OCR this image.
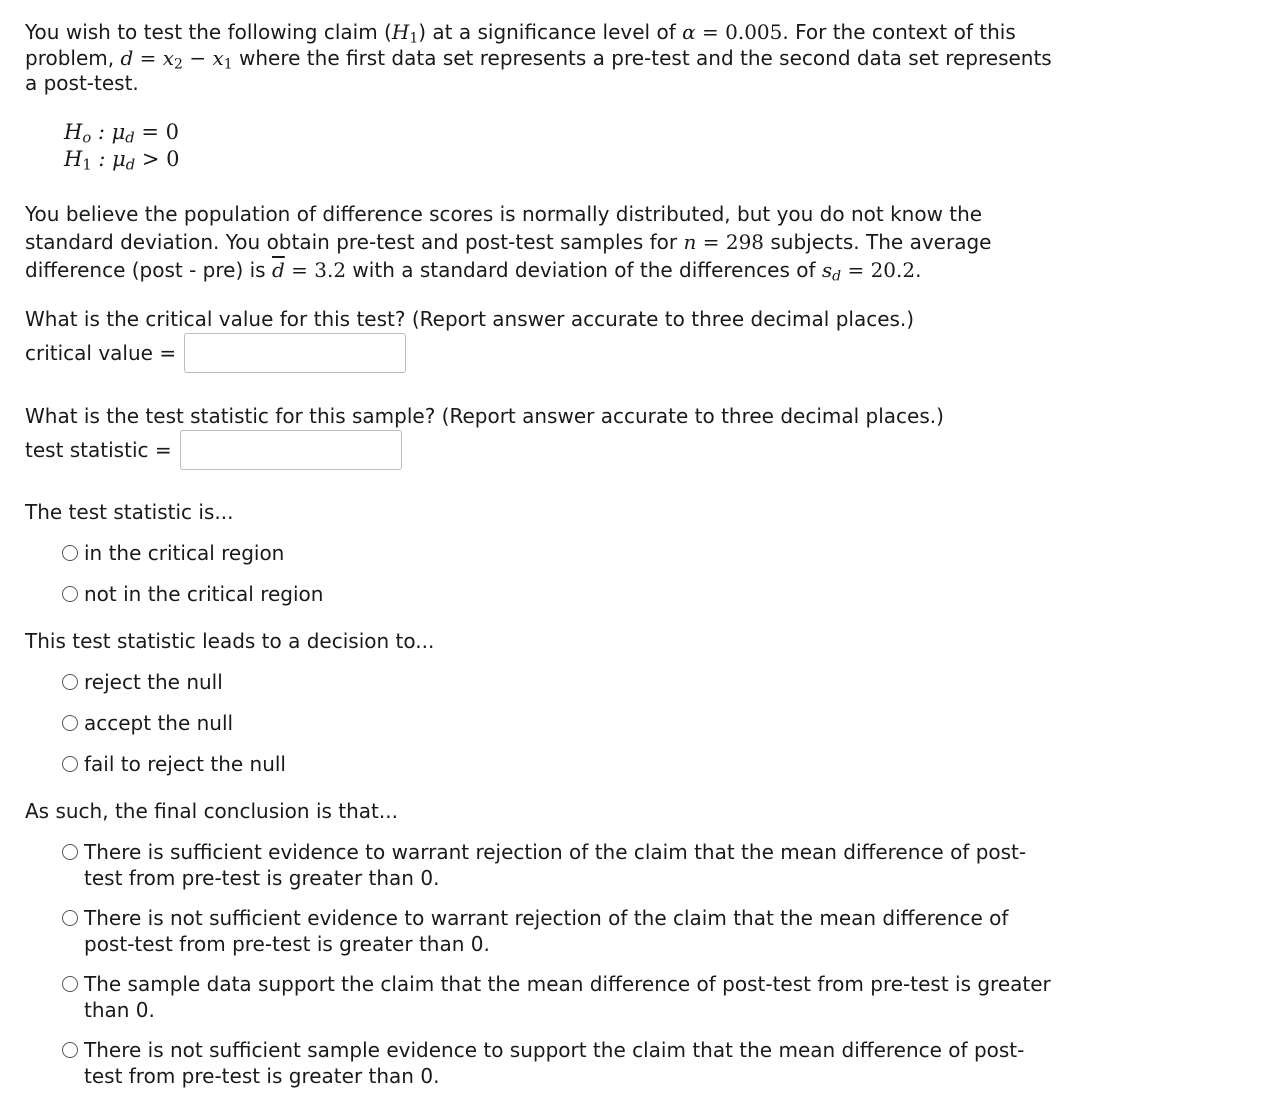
You wish to test the following claim $(H_1)$ at a significance level of α = 0.005. For the context of this problem, $d = x_2 - x_1$ where the first data set represents a pre-test and the second data set represents a post-test.
$H_o$ : $\mu_d = 0$
$H_1$ : $\mu_d > 0$
You believe the population of difference scores is normally distributed, but you do not know the standard deviation. You obtain pre-test and post-test samples for n = 298 subjects. The average difference (post - pre) is $\overline{d} = 3.2$ with a standard deviation of the differences of $s_d = 20.2$.
What is the critical value for this test? (Report answer accurate to three decimal places.)
critical value =
What is the test statistic for this sample? (Report answer accurate to three decimal places.)
test statistic =
The test statistic is...
in the critical region
not in the critical region
This test statistic leads to a decision to...
reject the null
accept the null
fail to reject the null
As such, the final conclusion is that...
There is sufficient evidence to warrant rejection of the claim that the mean difference of post-test from pre-test is greater than 0.
There is not sufficient evidence to warrant rejection of the claim that the mean difference of post-test from pre-test is greater than 0.
The sample data support the claim that the mean difference of post-test from pre-test is greater than 0.
There is not sufficient sample evidence to support the claim that the mean difference of post-test from pre-test is greater than 0.
